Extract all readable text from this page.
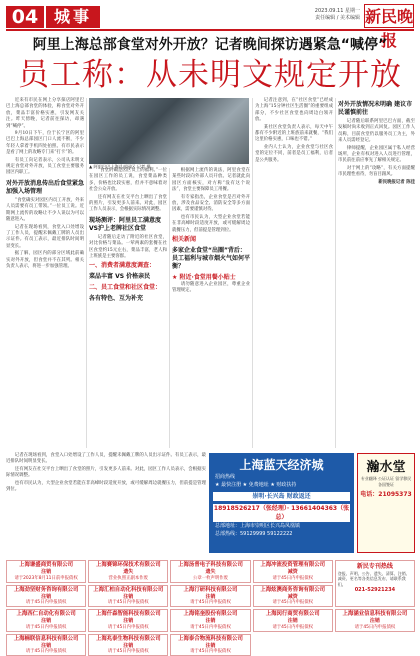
04 城事	2023.09.11 星期一
责任编辑 / 美术编辑 新民晚报
阿里上海总部食堂对外开放？记者晚间探访遇紧急“喊停”
员工称：从未明文规定开放

近来有市民在网上分享探店阿里巴巴上海总部食堂的体验，称食堂对外开放，菜品丰富价格实惠，引发网友关注。昨天傍晚，记者前往探访，却遇到“喊停”。

9月10日下午，位于长宁区的阿里巴巴上海总部园区门口人流不断，不少年轻人拿着手机四处拍照。有市民表示是看了网上的攻略专门来“打卡”的。

有员工向记者表示，公司从未明文规定食堂对外开放，员工食堂主要服务园区内职工。

对外开放消息传出后食堂紧急加强入场管理

“食堂确实对园区内员工开放，外来人员需要有员工带领。”一位员工说。近期网上流传的攻略让不少人误以为可以随意进入。

记者在现场看到，食堂入口处增设了工作人员，提醒未佩戴工牌的人员出示证件。有员工表示，最近排队时间明显变长。

据了解，园区内的部分区域此前确实对外开放，但食堂并不在其列。相关负责人表示，将进一步加强管理。

“食堂的确是园区员工的福利。”一位在园区工作的员工说，食堂菜品种类多，价格也比较实惠，但并不意味着对社会公众开放。

还有网友在社交平台上晒出了食堂的照片，引发更多人前来。对此，园区工作人员表示，会根据实际情况调整。

现场测评：阿里员工满意度VS沪上老牌社区食堂

记者随后走访了附近的社区食堂，对比价格与菜品。一荤两素的套餐在社区食堂约15元左右，菜品丰富，老人和上班族是主要客群。

一、消费者满意度调查：
菜品丰富 VS 价格亲民
二、员工食堂和社区食堂：
各有特色、互为补充
▲ 阿里巴巴上海总部园区 记者 摄

根据网上流传的说法，阿里食堂在某些时段向外部人员开放。记者就此向园区方面核实，对方称“没有这个说法”，食堂主要保障员工用餐。

有专家指出，企业食堂是否对外开放，涉及食品安全、消防安全等多方面因素，需要谨慎对待。

也有市民认为，大型企业食堂若能在非高峰时段适度开放，或可缓解周边就餐压力，但前提是管理到位。

相关新闻
多家企业食堂“出圈”背后：员工福利与城市烟火气如何平衡？
★ 附近·食堂用餐小贴士

请勿随意进入企业园区，尊重企业管理规定。

记者注意到，在“社区食堂”已经成为上海“15分钟社区生活圈”的重要组成部分，不少社区食堂也向周边白领开放。

某社区食堂负责人表示，每天中午都有不少附近的上班族前来就餐，“我们这里价格实惠，口味也不错。”

业内人士认为，企业食堂与社区食堂的定位不同，前者是员工福利，后者是公共服务。

对外开放情况未明确 建议市民谨慎前往

记者随后联系阿里巴巴方面，截至发稿时尚未收到正式回复。园区工作人员称，目前食堂仍以服务员工为主，外来人员需经登记。

律师提醒，企业园区属于私人经营场所，企业有权对进入人员进行管理，市民前往前应事先了解相关规定。

对于网上的“攻略”，有关方面提醒市民理性看待，勿盲目跟风。

新民晚报记者 陈佳

记者在现场看到，食堂入口处增设了工作人员，提醒未佩戴工牌的人员出示证件。有员工表示，最近排队时间明显变长。

还有网友在社交平台上晒出了食堂的照片，引发更多人前来。对此，园区工作人员表示，会根据实际情况调整。

也有市民认为，大型企业食堂若能在非高峰时段适度开放，或可缓解周边就餐压力，但前提是管理到位。

上海蓝天经济城
招商热线
★ 最快注册 ★ 免费地址 ★ 财政扶持
崇明·长兴岛 财政返还
18918526217（张经理）· 13661404363（张总）
总部地址：上海市崇明区长兴岛凤凰镇
总部热线：59129999 59122222
瀚水堂
专业翻译 公证认证 留学移民 各国签证
电话：21095373
上海谦盛商贸有限公司
注销
请于2023年8月11日前申报债权
上海赛锦环保技术有限公司
遗失
营业执照正副本作废
上海汤普电子科技有限公司
遗失
公章一枚声明作废
上海冲流投资管理有限公司
减资
请于45日内申报债权
新民专刊热线
登报、声明、公告、遗失、清算、注销、减资、更名等各类信息发布，请联系我们。
021-52921234
上海劲坚财务咨询有限公司
注销
请于45日内申报债权
上海汇柏自动化科技有限公司
注销
请于45日内申报债权
上海汀研科技有限公司
注销
请于45日内申报债权
上海炫澳商务咨询有限公司
减资
请于45日内申报债权
上海西仁自动化有限公司
注销
请于45日内申报债权
上海仟森智能科技有限公司
注销
请于45日内申报债权
上海铭奎股份有限公司
注销
请于45日内申报债权
上海闵行商贸有限公司
注销
请于45日内申报债权
上海涵业信息科技有限公司
注销
请于45日内申报债权
上海楠联信息科技有限公司
注销
请于45日内申报债权
上海兆泰生物科技有限公司
注销
请于45日内申报债权
上海泰合物流科技有限公司
注销
请于45日内申报债权
